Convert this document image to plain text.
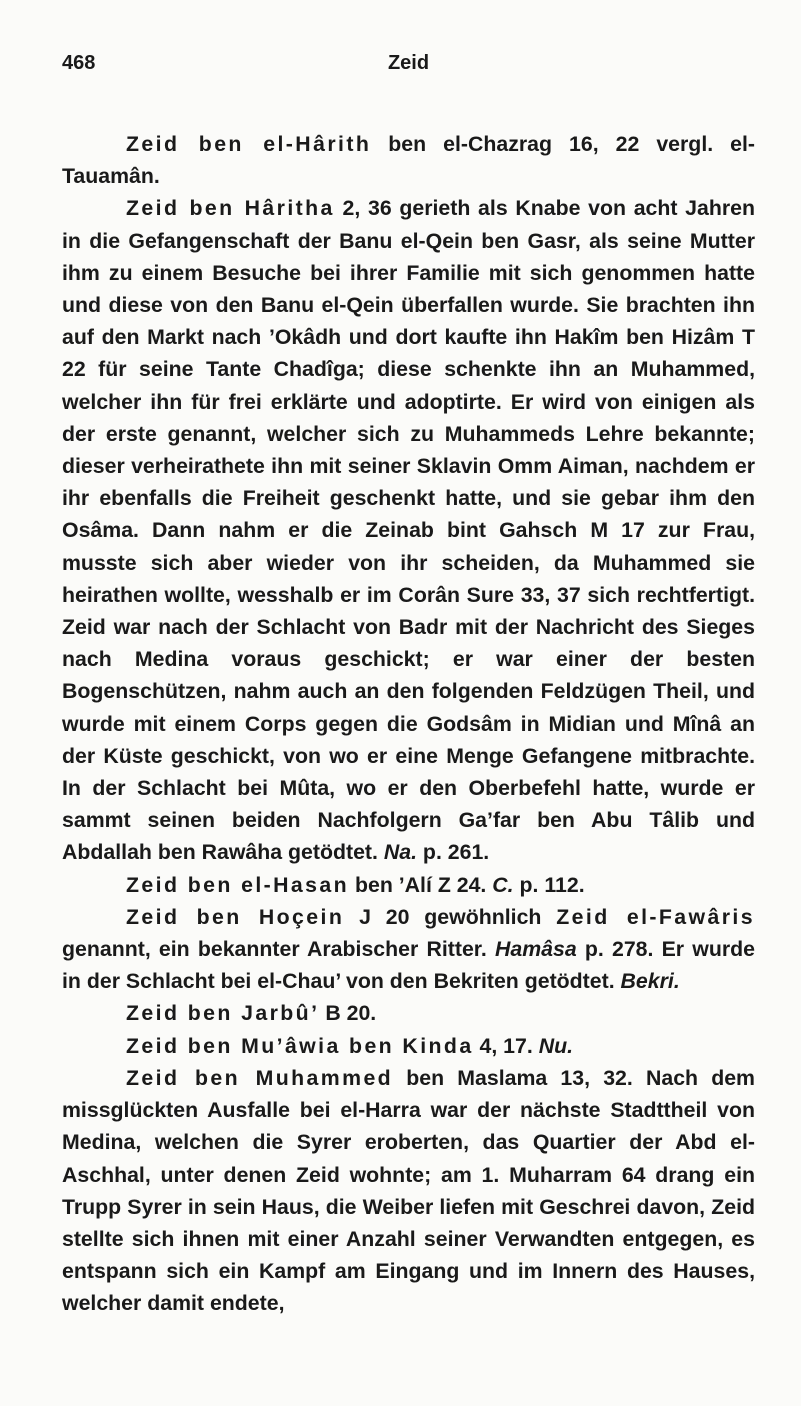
468	Zeid

Zeid ben el-Hârith ben el-Chazrag 16, 22 vergl. el-Tauamân.

Zeid ben Hâritha 2, 36 gerieth als Knabe von acht Jahren in die Gefangenschaft der Banu el-Qein ben Gasr, als seine Mutter ihm zu einem Besuche bei ihrer Familie mit sich genommen hatte und diese von den Banu el-Qein überfallen wurde. Sie brachten ihn auf den Markt nach ’Okâdh und dort kaufte ihn Hakîm ben Hizâm T 22 für seine Tante Chadîga; diese schenkte ihn an Muhammed, welcher ihn für frei erklärte und adoptirte. Er wird von einigen als der erste genannt, welcher sich zu Muhammeds Lehre bekannte; dieser verheirathete ihn mit seiner Sklavin Omm Aiman, nachdem er ihr ebenfalls die Freiheit geschenkt hatte, und sie gebar ihm den Osâma. Dann nahm er die Zeinab bint Gahsch M 17 zur Frau, musste sich aber wieder von ihr scheiden, da Muhammed sie heirathen wollte, wesshalb er im Corân Sure 33, 37 sich rechtfertigt. Zeid war nach der Schlacht von Badr mit der Nachricht des Sieges nach Medina voraus geschickt; er war einer der besten Bogenschützen, nahm auch an den folgenden Feldzügen Theil, und wurde mit einem Corps gegen die Godsâm in Midian und Mînâ an der Küste geschickt, von wo er eine Menge Gefangene mitbrachte. In der Schlacht bei Mûta, wo er den Oberbefehl hatte, wurde er sammt seinen beiden Nachfolgern Ga’far ben Abu Tâlib und Abdallah ben Rawâha getödtet. Na. p. 261.

Zeid ben el-Hasan ben ’Alí Z 24. C. p. 112.

Zeid ben Hoçein J 20 gewöhnlich Zeid el-Fawâris genannt, ein bekannter Arabischer Ritter. Hamâsa p. 278. Er wurde in der Schlacht bei el-Chau’ von den Bekriten getödtet. Bekri.

Zeid ben Jarbû’ B 20.

Zeid ben Mu’âwia ben Kinda 4, 17. Nu.

Zeid ben Muhammed ben Maslama 13, 32. Nach dem missglückten Ausfalle bei el-Harra war der nächste Stadttheil von Medina, welchen die Syrer eroberten, das Quartier der Abd el-Aschhal, unter denen Zeid wohnte; am 1. Muharram 64 drang ein Trupp Syrer in sein Haus, die Weiber liefen mit Geschrei davon, Zeid stellte sich ihnen mit einer Anzahl seiner Verwandten entgegen, es entspann sich ein Kampf am Eingang und im Innern des Hauses, welcher damit endete,
